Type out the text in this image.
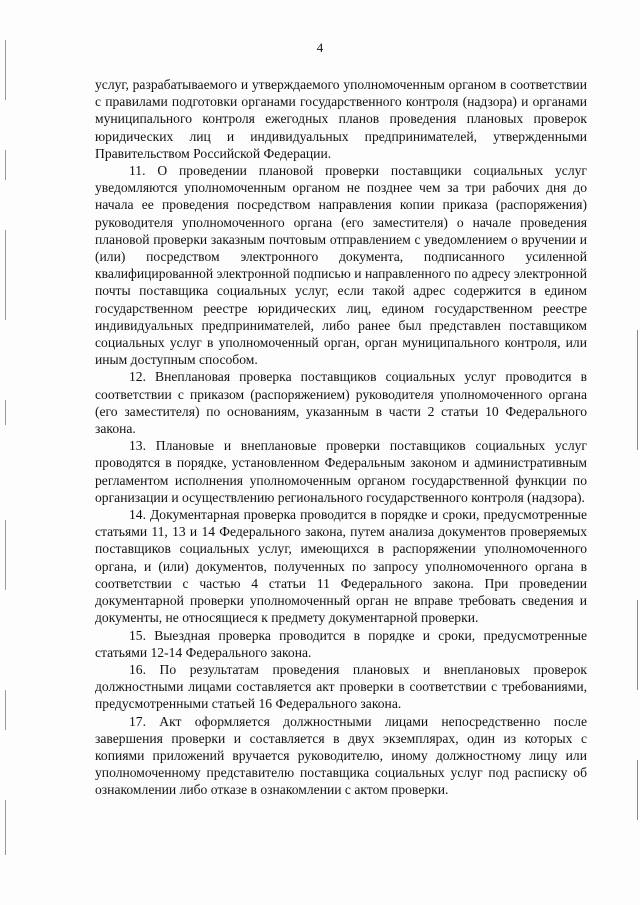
4

услуг, разрабатываемого и утверждаемого уполномоченным органом в соответствии с правилами подготовки органами государственного контроля (надзора) и органами муниципального контроля ежегодных планов проведения плановых проверок юридических лиц и индивидуальных предпринимателей, утвержденными Правительством Российской Федерации.

11. О проведении плановой проверки поставщики социальных услуг уведомляются уполномоченным органом не позднее чем за три рабочих дня до начала ее проведения посредством направления копии приказа (распоряжения) руководителя уполномоченного органа (его заместителя) о начале проведения плановой проверки заказным почтовым отправлением с уведомлением о вручении и (или) посредством электронного документа, подписанного усиленной квалифицированной электронной подписью и направленного по адресу электронной почты поставщика социальных услуг, если такой адрес содержится в едином государственном реестре юридических лиц, едином государственном реестре индивидуальных предпринимателей, либо ранее был представлен поставщиком социальных услуг в уполномоченный орган, орган муниципального контроля, или иным доступным способом.

12. Внеплановая проверка поставщиков социальных услуг проводится в соответствии с приказом (распоряжением) руководителя уполномоченного органа (его заместителя) по основаниям, указанным в части 2 статьи 10 Федерального закона.

13. Плановые и внеплановые проверки поставщиков социальных услуг проводятся в порядке, установленном Федеральным законом и административным регламентом исполнения уполномоченным органом государственной функции по организации и осуществлению регионального государственного контроля (надзора).

14. Документарная проверка проводится в порядке и сроки, предусмотренные статьями 11, 13 и 14 Федерального закона, путем анализа документов проверяемых поставщиков социальных услуг, имеющихся в распоряжении уполномоченного органа, и (или) документов, полученных по запросу уполномоченного органа в соответствии с частью 4 статьи 11 Федерального закона. При проведении документарной проверки уполномоченный орган не вправе требовать сведения и документы, не относящиеся к предмету документарной проверки.

15. Выездная проверка проводится в порядке и сроки, предусмотренные статьями 12-14 Федерального закона.

16. По результатам проведения плановых и внеплановых проверок должностными лицами составляется акт проверки в соответствии с требованиями, предусмотренными статьей 16 Федерального закона.

17. Акт оформляется должностными лицами непосредственно после завершения проверки и составляется в двух экземплярах, один из которых с копиями приложений вручается руководителю, иному должностному лицу или уполномоченному представителю поставщика социальных услуг под расписку об ознакомлении либо отказе в ознакомлении с актом проверки.
